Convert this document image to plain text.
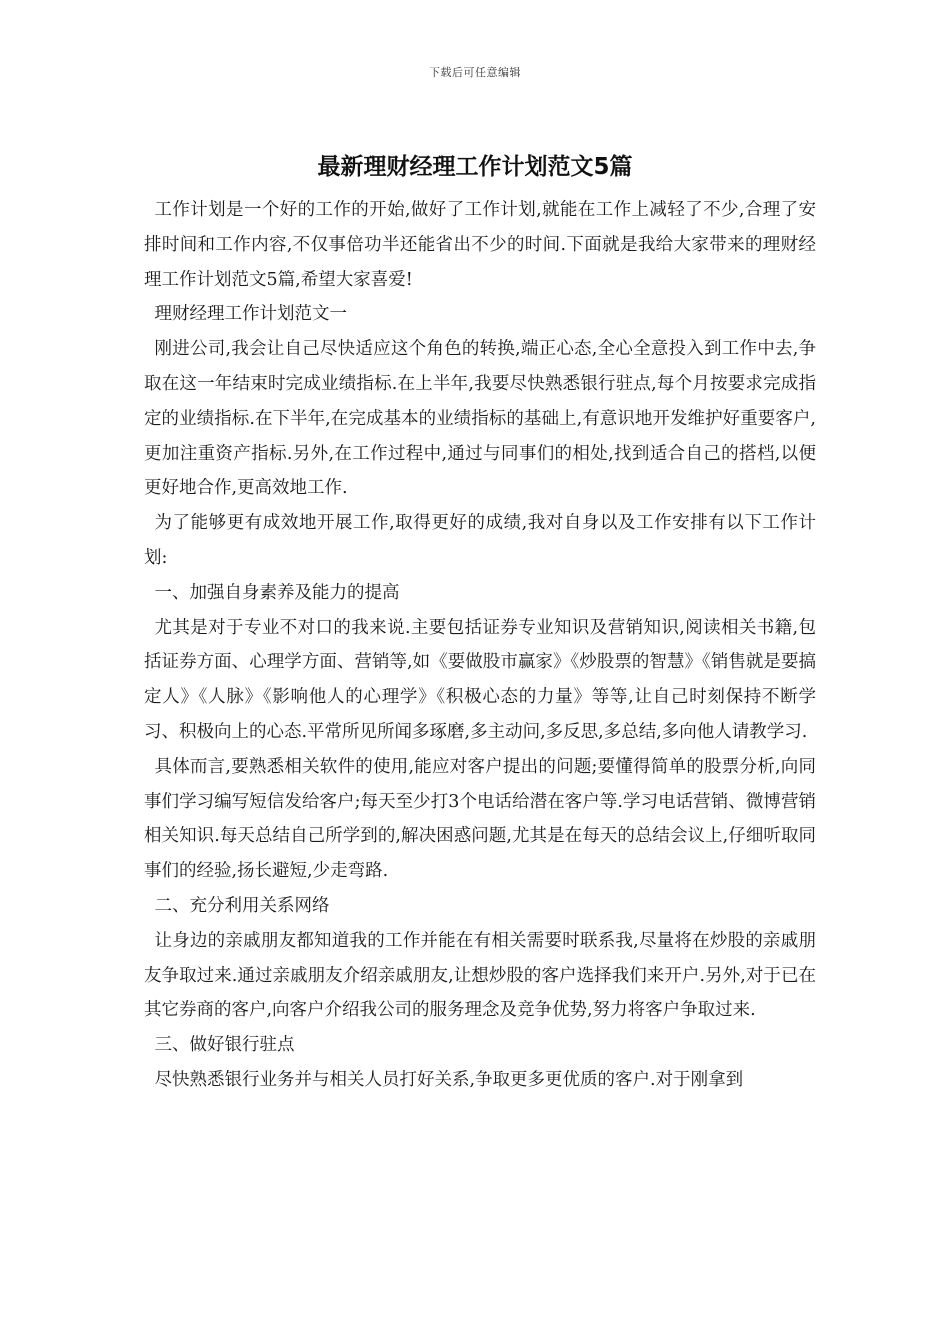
下载后可任意编辑
最新理财经理工作计划范文5篇

工作计划是一个好的工作的开始,做好了工作计划,就能在工作上减轻了不少,合理了安排时间和工作内容,不仅事倍功半还能省出不少的时间.下面就是我给大家带来的理财经理工作计划范文5篇,希望大家喜爱!

理财经理工作计划范文一

刚进公司,我会让自己尽快适应这个角色的转换,端正心态,全心全意投入到工作中去,争取在这一年结束时完成业绩指标.在上半年,我要尽快熟悉银行驻点,每个月按要求完成指定的业绩指标.在下半年,在完成基本的业绩指标的基础上,有意识地开发维护好重要客户,更加注重资产指标.另外,在工作过程中,通过与同事们的相处,找到适合自己的搭档,以便更好地合作,更高效地工作.

为了能够更有成效地开展工作,取得更好的成绩,我对自身以及工作安排有以下工作计划:

一、加强自身素养及能力的提高

尤其是对于专业不对口的我来说.主要包括证券专业知识及营销知识,阅读相关书籍,包括证券方面、心理学方面、营销等,如《要做股市赢家》《炒股票的智慧》《销售就是要搞定人》《人脉》《影响他人的心理学》《积极心态的力量》等等,让自己时刻保持不断学习、积极向上的心态.平常所见所闻多琢磨,多主动问,多反思,多总结,多向他人请教学习.

具体而言,要熟悉相关软件的使用,能应对客户提出的问题;要懂得简单的股票分析,向同事们学习编写短信发给客户;每天至少打3个电话给潜在客户等.学习电话营销、微博营销相关知识.每天总结自己所学到的,解决困惑问题,尤其是在每天的总结会议上,仔细听取同事们的经验,扬长避短,少走弯路.

二、充分利用关系网络

让身边的亲戚朋友都知道我的工作并能在有相关需要时联系我,尽量将在炒股的亲戚朋友争取过来.通过亲戚朋友介绍亲戚朋友,让想炒股的客户选择我们来开户.另外,对于已在其它券商的客户,向客户介绍我公司的服务理念及竞争优势,努力将客户争取过来.

三、做好银行驻点

尽快熟悉银行业务并与相关人员打好关系,争取更多更优质的客户.对于刚拿到
